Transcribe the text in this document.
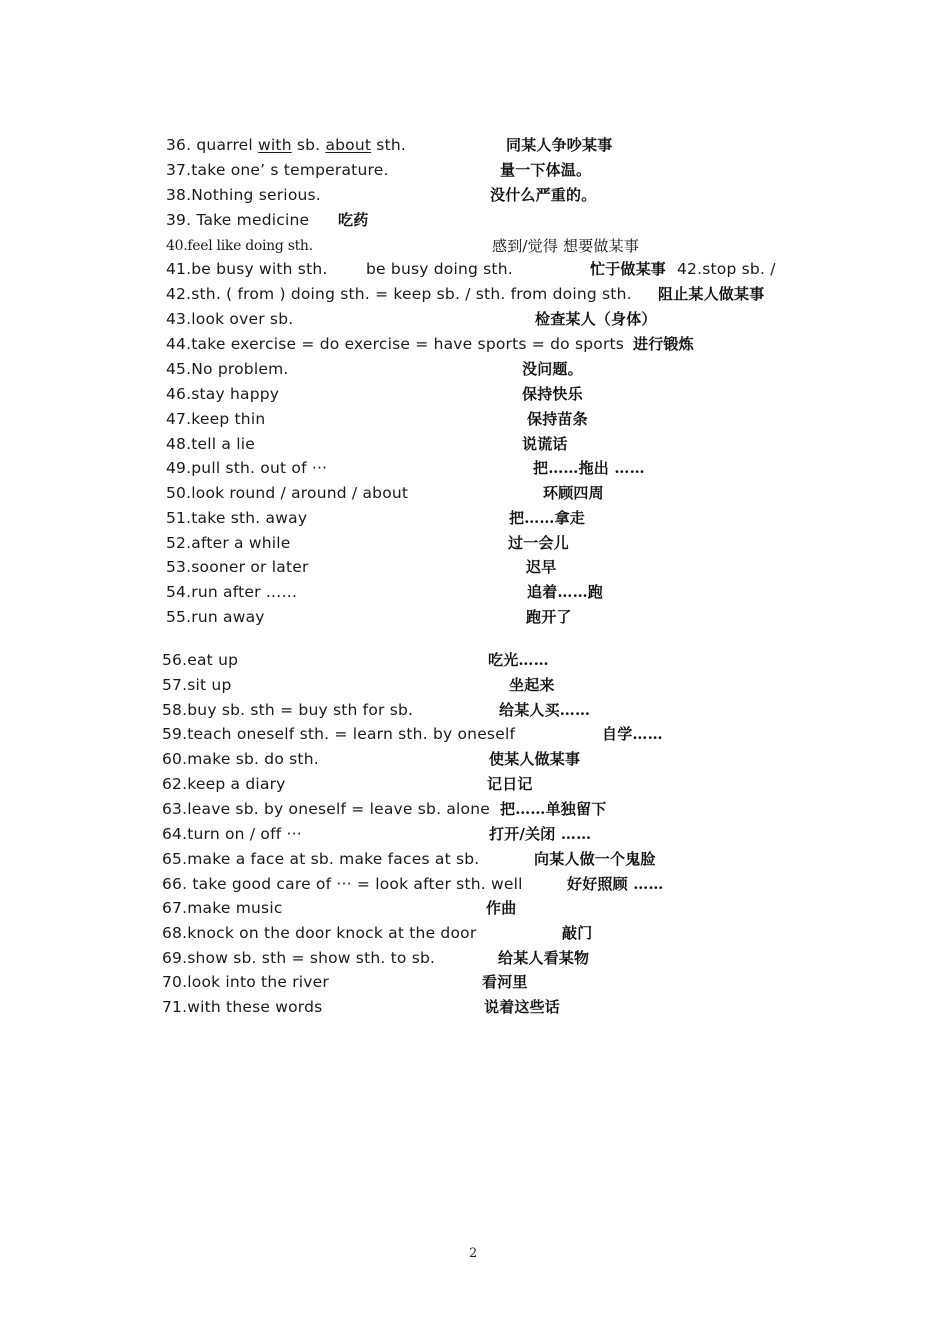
36. quarrel with sb. about sth.	同某人争吵某事
37.take one’ s temperature.	量一下体温。
38.Nothing serious.	没什么严重的。
39. Take medicine 吃药
40.feel like doing sth.	感到/觉得 想要做某事
41.be busy with sth. be busy doing sth.	忙于做某事 42.stop sb. /
42.sth. ( from ) doing sth. = keep sb. / sth. from doing sth. 阻止某人做某事
43.look over sb.	检查某人（身体）
44.take exercise = do exercise = have sports = do sports 进行锻炼
45.No problem.	没问题。
46.stay happy	保持快乐
47.keep thin	保持苗条
48.tell a lie	说谎话
49.pull sth. out of ···	把……拖出 ……
50.look round / around / about	环顾四周
51.take sth. away	把……拿走
52.after a while	过一会儿
53.sooner or later	迟早
54.run after ……	追着……跑
55.run away	跑开了
56.eat up	吃光……
57.sit up	坐起来
58.buy sb. sth = buy sth for sb.	给某人买……
59.teach oneself sth. = learn sth. by oneself	自学……
60.make sb. do sth.	使某人做某事
62.keep a diary	记日记
63.leave sb. by oneself = leave sb. alone 把……单独留下
64.turn on / off ···	打开/关闭 ……
65.make a face at sb. make faces at sb.	向某人做一个鬼脸
66. take good care of ··· = look after sth. well	好好照顾 ……
67.make music	作曲
68.knock on the door knock at the door	敲门
69.show sb. sth = show sth. to sb.	给某人看某物
70.look into the river	看河里
71.with these words	说着这些话
2
